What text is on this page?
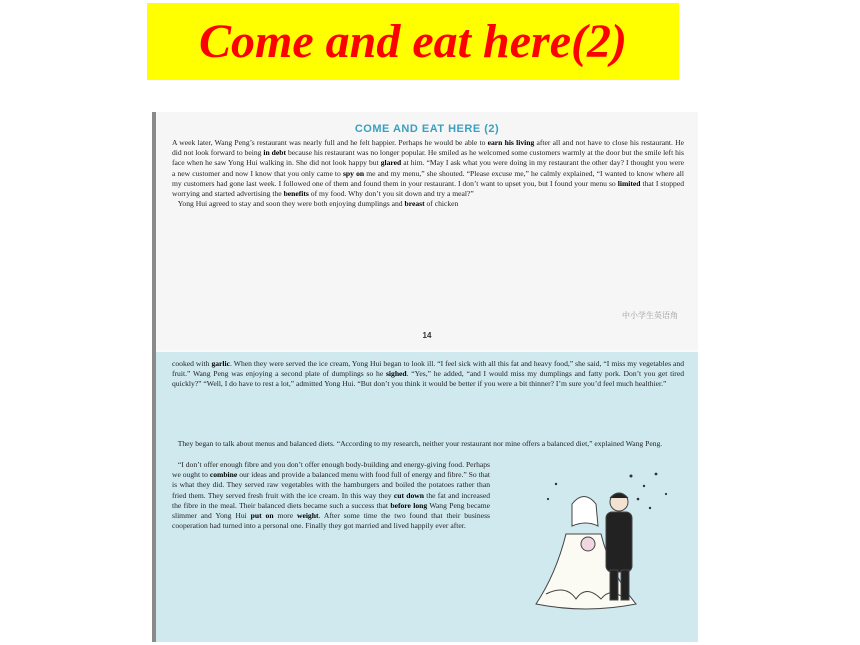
Come and eat here(2)
COME AND EAT HERE (2)
A week later, Wang Peng’s restaurant was nearly full and he felt happier. Perhaps he would be able to earn his living after all and not have to close his restaurant. He did not look forward to being in debt because his restaurant was no longer popular. He smiled as he welcomed some customers warmly at the door but the smile left his face when he saw Yong Hui walking in. She did not look happy but glared at him. “May I ask what you were doing in my restaurant the other day? I thought you were a new customer and now I know that you only came to spy on me and my menu,” she shouted. “Please excuse me,” he calmly explained, “I wanted to know where all my customers had gone last week. I followed one of them and found them in your restaurant. I don’t want to upset you, but I found your menu so limited that I stopped worrying and started advertising the benefits of my food. Why don’t you sit down and try a meal?”
Yong Hui agreed to stay and soon they were both enjoying dumplings and breast of chicken
中小学生英语角
14
cooked with garlic. When they were served the ice cream, Yong Hui began to look ill. “I feel sick with all this fat and heavy food,” she said, “I miss my vegetables and fruit.” Wang Peng was enjoying a second plate of dumplings so he sighed. “Yes,” he added, “and I would miss my dumplings and fatty pork. Don’t you get tired quickly?” “Well, I do have to rest a lot,” admitted Yong Hui. “But don’t you think it would be better if you were a bit thinner? I’m sure you’d feel much healthier.”
They began to talk about menus and balanced diets. “According to my research, neither your restaurant nor mine offers a balanced diet,” explained Wang Peng.
“I don’t offer enough fibre and you don’t offer enough body-building and energy-giving food. Perhaps we ought to combine our ideas and provide a balanced menu with food full of energy and fibre.” So that is what they did. They served raw vegetables with the hamburgers and boiled the potatoes rather than fried them. They served fresh fruit with the ice cream. In this way they cut down the fat and increased the fibre in the meal. Their balanced diets became such a success that before long Wang Peng became slimmer and Yong Hui put on more weight. After some time the two found that their business cooperation had turned into a personal one. Finally they got married and lived happily ever after.
